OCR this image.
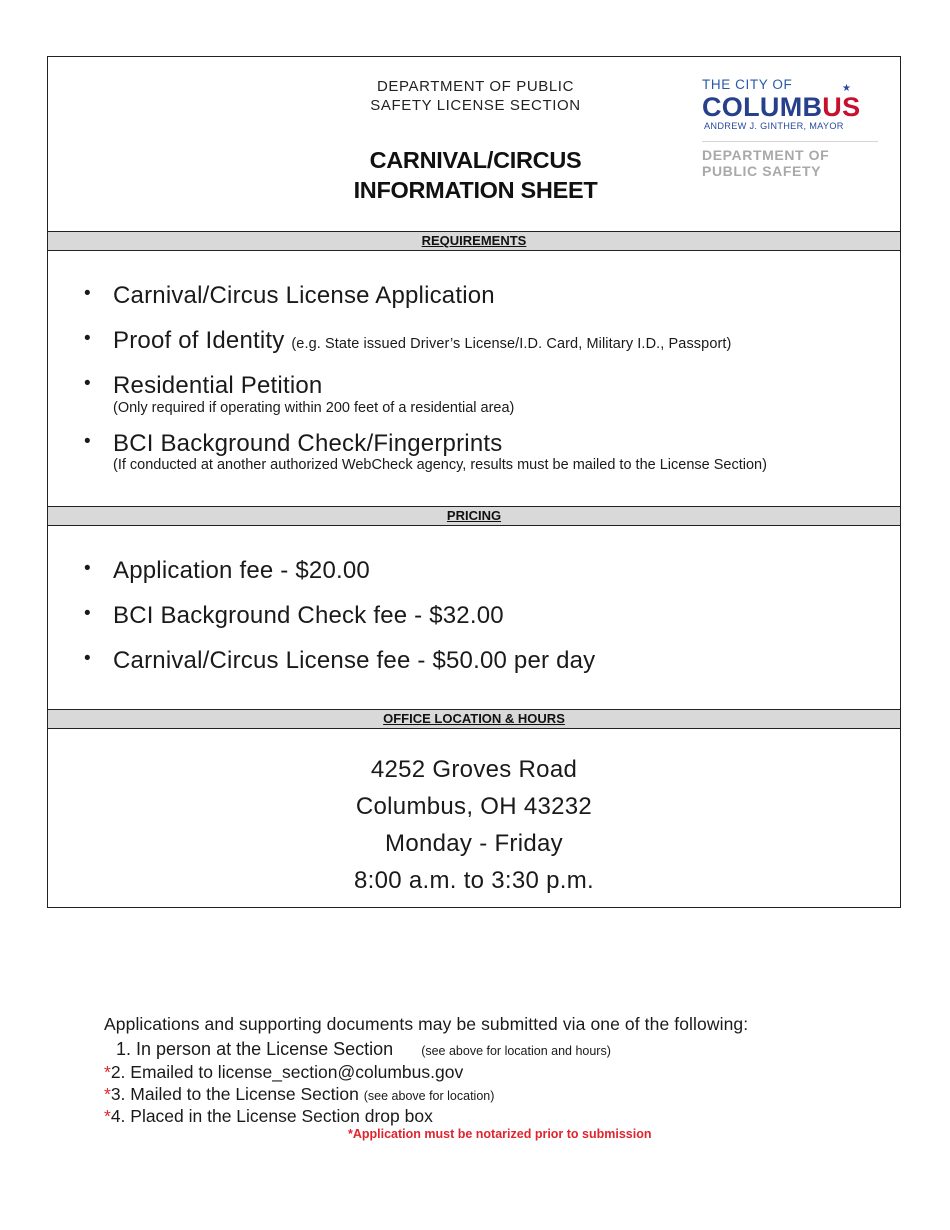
DEPARTMENT OF PUBLIC
SAFETY LICENSE SECTION
CARNIVAL/CIRCUS
INFORMATION SHEET
THE CITY OF	★
COLUMBUS
ANDREW J. GINTHER, MAYOR
DEPARTMENT OF
PUBLIC SAFETY
REQUIREMENTS
• Carnival/Circus License Application
• Proof of Identity (e.g. State issued Driver’s License/I.D. Card, Military I.D., Passport)
• Residential Petition
(Only required if operating within 200 feet of a residential area)
• BCI Background Check/Fingerprints
(If conducted at another authorized WebCheck agency, results must be mailed to the License Section)
PRICING
• Application fee - $20.00
• BCI Background Check fee - $32.00
• Carnival/Circus License fee - $50.00 per day
OFFICE LOCATION & HOURS
4252 Groves Road
Columbus, OH 43232
Monday - Friday
8:00 a.m. to 3:30 p.m.
Applications and supporting documents may be submitted via one of the following:
1. In person at the License Section (see above for location and hours)
*2. Emailed to license_section@columbus.gov
*3. Mailed to the License Section (see above for location)
*4. Placed in the License Section drop box
*Application must be notarized prior to submission
